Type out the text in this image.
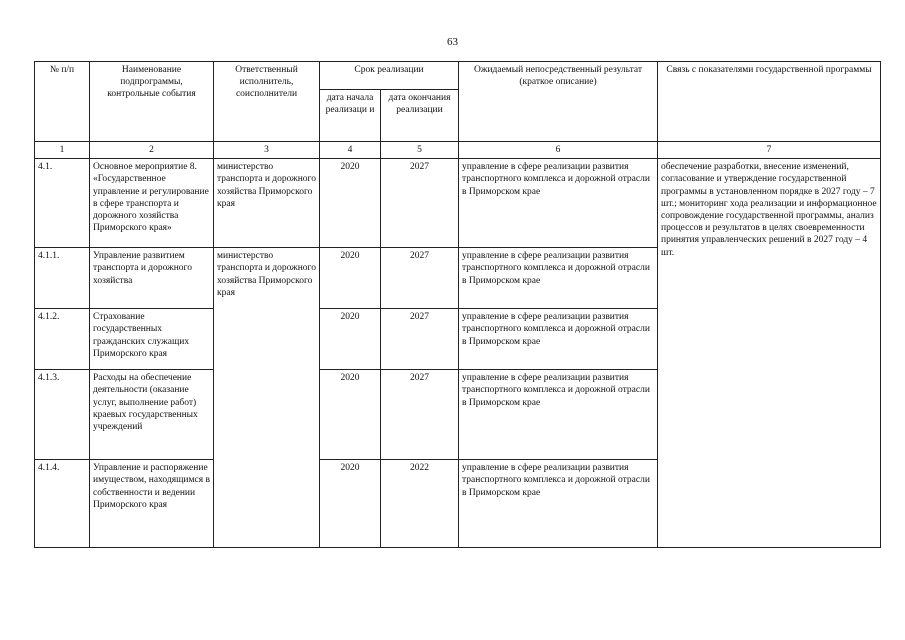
63
№ п/п	Наименование подпрограммы, контрольные события	Ответственный исполнитель, соисполнители	Срок реализации		Ожидаемый непосредственный результат (краткое описание)	Связь с показателями государственной программы
			дата начала реализаци и	дата окончания реализации		
1	2	3	4	5	6	7
4.1.	Основное мероприятие 8. «Государственное управление и регулирование в сфере транспорта и дорожного хозяйства Приморского края»	министерство транспорта и дорожного хозяйства Приморского края	2020	2027	управление в сфере реализации развития транспортного комплекса и дорожной отрасли в Приморском крае	обеспечение разработки, внесение изменений, согласование и утверждение государственной программы в установленном порядке в 2027 году – 7 шт.; мониторинг хода реализации и информационное сопровождение государственной программы, анализ процессов и результатов в целях своевременности принятия управленческих решений в 2027 году – 4 шт.
4.1.1.	Управление развитием транспорта и дорожного хозяйства	министерство транспорта и дорожного хозяйства Приморского края	2020	2027	управление в сфере реализации развития транспортного комплекса и дорожной отрасли в Приморском крае	
4.1.2.	Страхование государственных гражданских служащих Приморского края		2020	2027	управление в сфере реализации развития транспортного комплекса и дорожной отрасли в Приморском крае	
4.1.3.	Расходы на обеспечение деятельности (оказание услуг, выполнение работ) краевых государственных учреждений		2020	2027	управление в сфере реализации развития транспортного комплекса и дорожной отрасли в Приморском крае	
4.1.4.	Управление и распоряжение имуществом, находящимся в собственности и ведении Приморского края		2020	2022	управление в сфере реализации развития транспортного комплекса и дорожной отрасли в Приморском крае	
